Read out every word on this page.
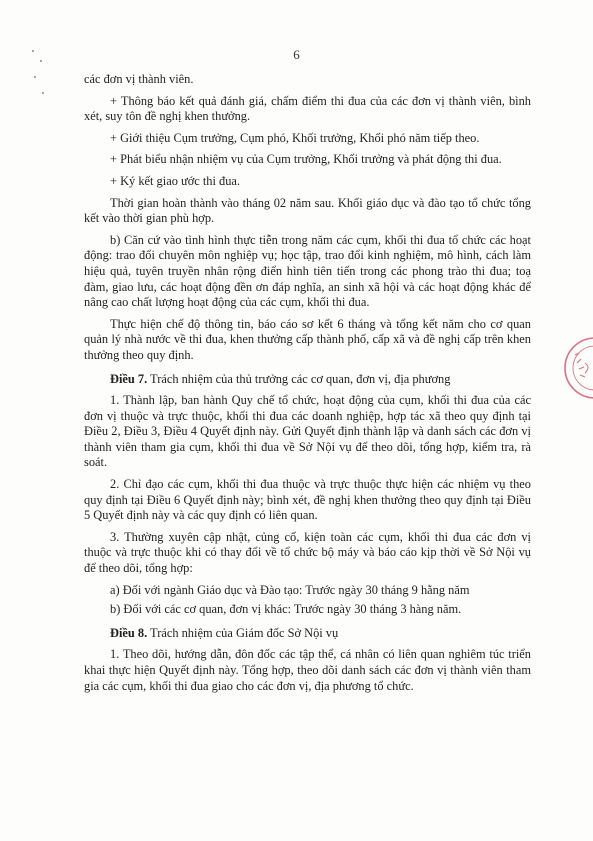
6

các đơn vị thành viên.

+ Thông báo kết quả đánh giá, chấm điểm thi đua của các đơn vị thành viên, bình xét, suy tôn đề nghị khen thưởng.

+ Giới thiệu Cụm trưởng, Cụm phó, Khối trưởng, Khối phó năm tiếp theo.

+ Phát biểu nhận nhiệm vụ của Cụm trưởng, Khối trưởng và phát động thi đua.

+ Ký kết giao ước thi đua.

Thời gian hoàn thành vào tháng 02 năm sau. Khối giáo dục và đào tạo tổ chức tổng kết vào thời gian phù hợp.

b) Căn cứ vào tình hình thực tiễn trong năm các cụm, khối thi đua tổ chức các hoạt động: trao đổi chuyên môn nghiệp vụ; học tập, trao đổi kinh nghiệm, mô hình, cách làm hiệu quả, tuyên truyền nhân rộng điển hình tiên tiến trong các phong trào thi đua; toạ đàm, giao lưu, các hoạt động đền ơn đáp nghĩa, an sinh xã hội và các hoạt động khác để nâng cao chất lượng hoạt động của các cụm, khối thi đua.

Thực hiện chế độ thông tin, báo cáo sơ kết 6 tháng và tổng kết năm cho cơ quan quản lý nhà nước về thi đua, khen thưởng cấp thành phố, cấp xã và đề nghị cấp trên khen thưởng theo quy định.

Điều 7. Trách nhiệm của thủ trưởng các cơ quan, đơn vị, địa phương

1. Thành lập, ban hành Quy chế tổ chức, hoạt động của cụm, khối thi đua của các đơn vị thuộc và trực thuộc, khối thi đua các doanh nghiệp, hợp tác xã theo quy định tại Điều 2, Điều 3, Điều 4 Quyết định này. Gửi Quyết định thành lập và danh sách các đơn vị thành viên tham gia cụm, khối thi đua về Sở Nội vụ để theo dõi, tổng hợp, kiểm tra, rà soát.

2. Chỉ đạo các cụm, khối thi đua thuộc và trực thuộc thực hiện các nhiệm vụ theo quy định tại Điều 6 Quyết định này; bình xét, đề nghị khen thưởng theo quy định tại Điều 5 Quyết định này và các quy định có liên quan.

3. Thường xuyên cập nhật, củng cố, kiện toàn các cụm, khối thi đua các đơn vị thuộc và trực thuộc khi có thay đổi về tổ chức bộ máy và báo cáo kịp thời về Sở Nội vụ để theo dõi, tổng hợp:

a) Đối với ngành Giáo dục và Đào tạo: Trước ngày 30 tháng 9 hằng năm

b) Đối với các cơ quan, đơn vị khác: Trước ngày 30 tháng 3 hàng năm.

Điều 8. Trách nhiệm của Giám đốc Sở Nội vụ

1. Theo dõi, hướng dẫn, đôn đốc các tập thể, cá nhân có liên quan nghiêm túc triển khai thực hiện Quyết định này. Tổng hợp, theo dõi danh sách các đơn vị thành viên tham gia các cụm, khối thi đua giao cho các đơn vị, địa phương tổ chức.
